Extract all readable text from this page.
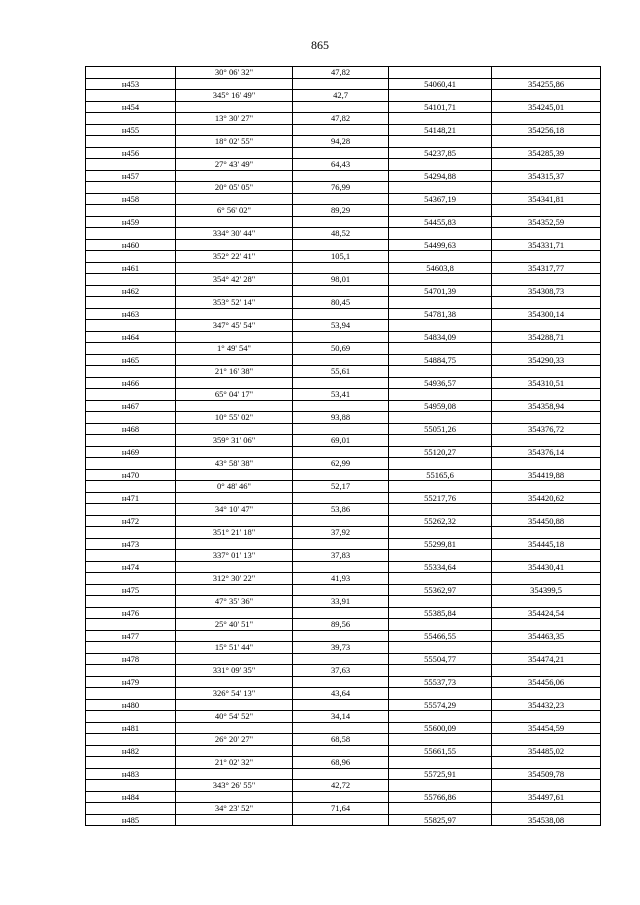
865
	30° 06' 32"	47,82		
н453			54060,41	354255,86
	345° 16' 49"	42,7		
н454			54101,71	354245,01
	13° 30' 27"	47,82		
н455			54148,21	354256,18
	18° 02' 55"	94,28		
н456			54237,85	354285,39
	27° 43' 49"	64,43		
н457			54294,88	354315,37
	20° 05' 05"	76,99		
н458			54367,19	354341,81
	6° 56' 02"	89,29		
н459			54455,83	354352,59
	334° 30' 44"	48,52		
н460			54499,63	354331,71
	352° 22' 41"	105,1		
н461			54603,8	354317,77
	354° 42' 28"	98,01		
н462			54701,39	354308,73
	353° 52' 14"	80,45		
н463			54781,38	354300,14
	347° 45' 54"	53,94		
н464			54834,09	354288,71
	1° 49' 54"	50,69		
н465			54884,75	354290,33
	21° 16' 38"	55,61		
н466			54936,57	354310,51
	65° 04' 17"	53,41		
н467			54959,08	354358,94
	10° 55' 02"	93,88		
н468			55051,26	354376,72
	359° 31' 06"	69,01		
н469			55120,27	354376,14
	43° 58' 38"	62,99		
н470			55165,6	354419,88
	0° 48' 46"	52,17		
н471			55217,76	354420,62
	34° 10' 47"	53,86		
н472			55262,32	354450,88
	351° 21' 18"	37,92		
н473			55299,81	354445,18
	337° 01' 13"	37,83		
н474			55334,64	354430,41
	312° 30' 22"	41,93		
н475			55362,97	354399,5
	47° 35' 36"	33,91		
н476			55385,84	354424,54
	25° 40' 51"	89,56		
н477			55466,55	354463,35
	15° 51' 44"	39,73		
н478			55504,77	354474,21
	331° 09' 35"	37,63		
н479			55537,73	354456,06
	326° 54' 13"	43,64		
н480			55574,29	354432,23
	40° 54' 52"	34,14		
н481			55600,09	354454,59
	26° 20' 27"	68,58		
н482			55661,55	354485,02
	21° 02' 32"	68,96		
н483			55725,91	354509,78
	343° 26' 55"	42,72		
н484			55766,86	354497,61
	34° 23' 52"	71,64		
н485			55825,97	354538,08
